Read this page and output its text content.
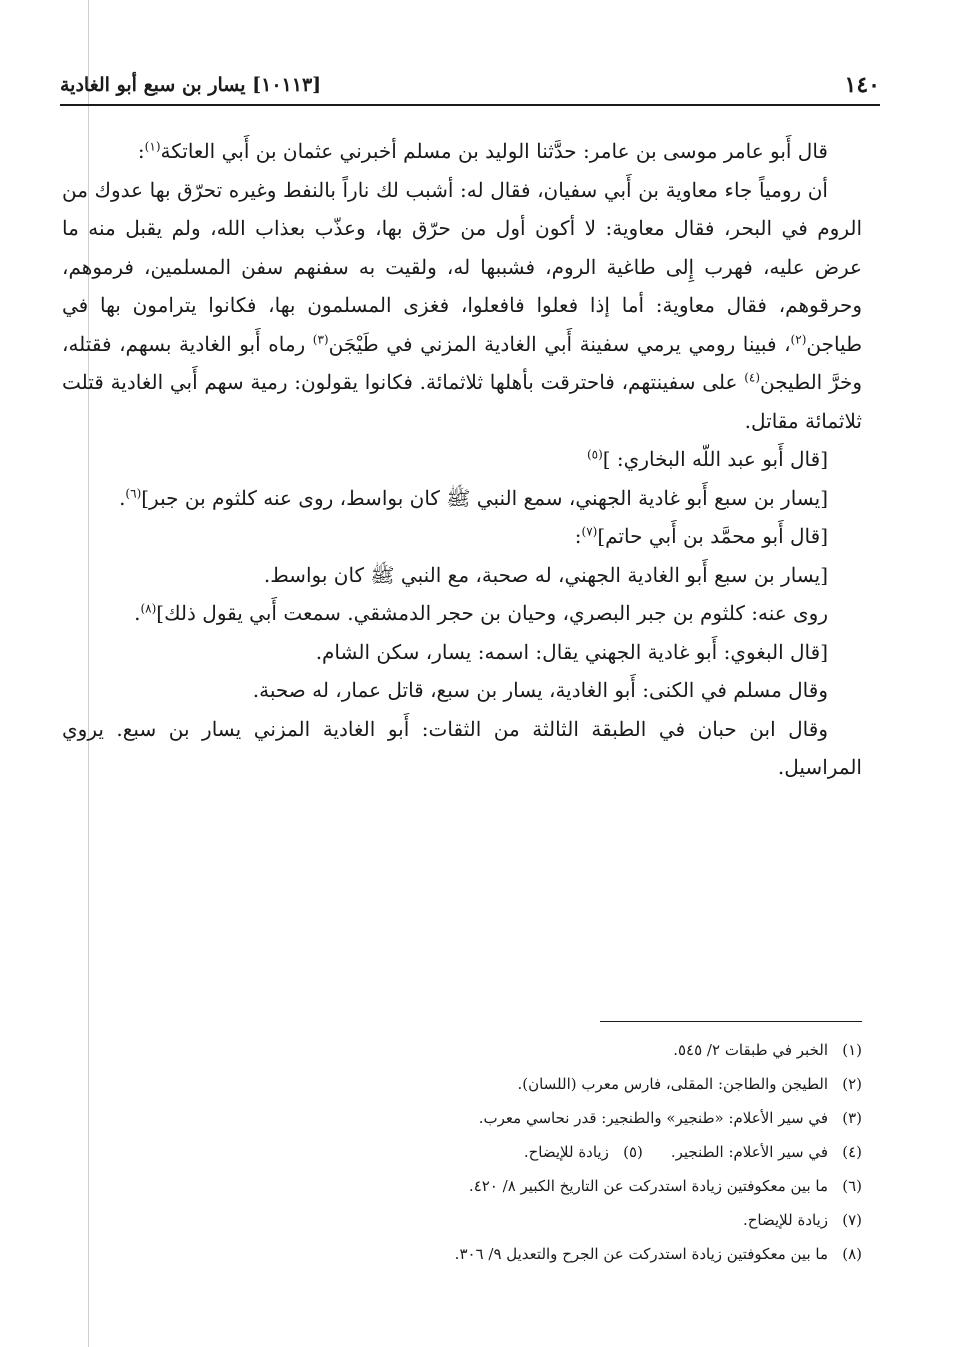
١٤٠
[١٠١١٣] يسار بن سبع أبو الغادية

قال أَبو عامر موسى بن عامر: حدَّثنا الوليد بن مسلم أخبرني عثمان بن أَبي العاتكة$^{(١)}$:

أن رومياً جاء معاوية بن أَبي سفيان، فقال له: أشبب لك ناراً بالنفط وغيره تحرّق بها عدوك من الروم في البحر، فقال معاوية: لا أكون أول من حرّق بها، وعذّب بعذاب الله، ولم يقبل منه ما عرض عليه، فهرب إِلى طاغية الروم، فشببها له، ولقيت به سفنهم سفن المسلمين، فرموهم، وحرقوهم، فقال معاوية: أما إذا فعلوا فافعلوا، فغزى المسلمون بها، فكانوا يترامون بها في طياجن$^{(٢)}$، فبينا رومي يرمي سفينة أَبي الغادية المزني في طَيْجَن$^{(٣)}$ رماه أَبو الغادية بسهم، فقتله، وخرَّ الطيجن$^{(٤)}$ على سفينتهم، فاحترقت بأهلها ثلاثمائة. فكانوا يقولون: رمية سهم أَبي الغادية قتلت ثلاثمائة مقاتل.

[قال أَبو عبد اللّه البخاري: ]$^{(٥)}$

[يسار بن سبع أَبو غادية الجهني، سمع النبي ﷺ كان بواسط، روى عنه كلثوم بن جبر]$^{(٦)}$.

[قال أَبو محمَّد بن أَبي حاتم]$^{(٧)}$:

[يسار بن سبع أَبو الغادية الجهني، له صحبة، مع النبي ﷺ كان بواسط.

روى عنه: كلثوم بن جبر البصري، وحيان بن حجر الدمشقي. سمعت أَبي يقول ذلك]$^{(٨)}$.

[قال البغوي: أَبو غادية الجهني يقال: اسمه: يسار، سكن الشام.

وقال مسلم في الكنى: أَبو الغادية، يسار بن سبع، قاتل عمار، له صحبة.

وقال ابن حبان في الطبقة الثالثة من الثقات: أَبو الغادية المزني يسار بن سبع. يروي المراسيل.

(١)
الخبر في طبقات ٢/ ٥٤٥.
(٢)
الطيجن والطاجن: المقلى، فارس معرب (اللسان).
(٣)
في سير الأعلام: «طنجير» والطنجير: قدر نحاسي معرب.
(٤)
في سير الأعلام: الطنجير.
(٥)
زيادة للإيضاح.
(٦)
ما بين معكوفتين زيادة استدركت عن التاريخ الكبير ٨/ ٤٢٠.
(٧)
زيادة للإيضاح.
(٨)
ما بين معكوفتين زيادة استدركت عن الجرح والتعديل ٩/ ٣٠٦.
